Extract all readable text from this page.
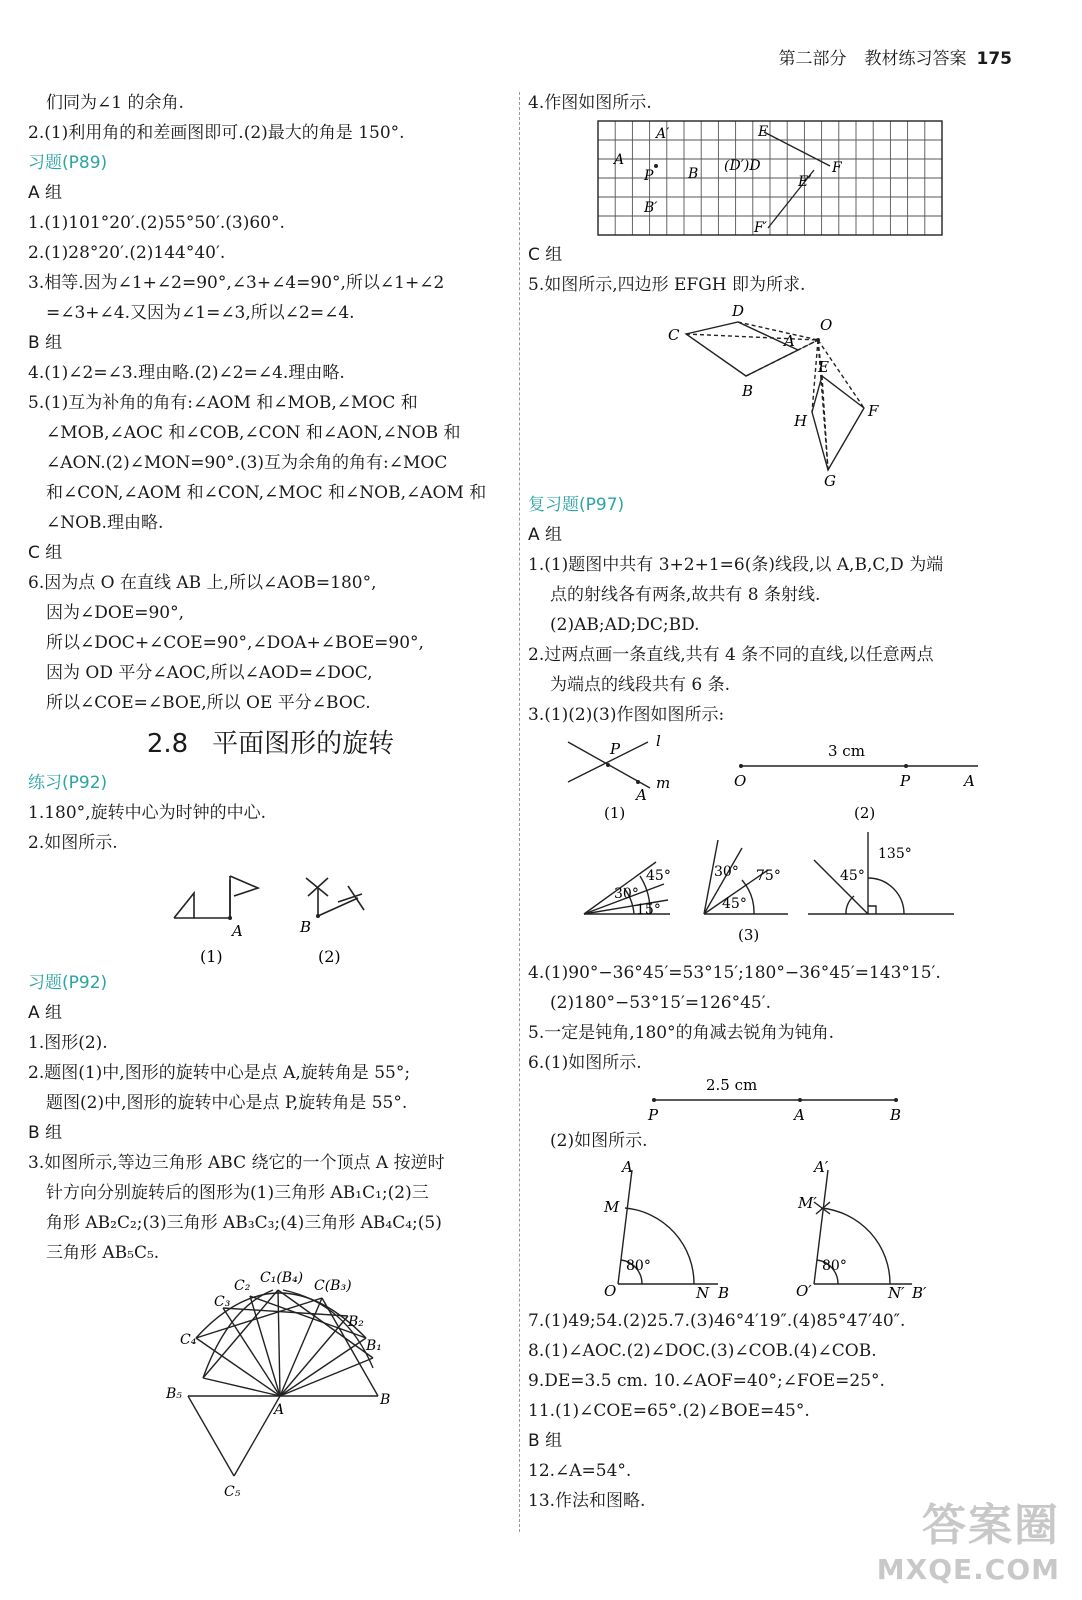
第二部分 教材练习答案 175
们同为∠1 的余角.
2.(1)利用角的和差画图即可.(2)最大的角是 150°.
习题(P89)
A 组
1.(1)101°20′.(2)55°50′.(3)60°.
2.(1)28°20′.(2)144°40′.
3.相等.因为∠1+∠2=90°,∠3+∠4=90°,所以∠1+∠2
=∠3+∠4.又因为∠1=∠3,所以∠2=∠4.
B 组
4.(1)∠2=∠3.理由略.(2)∠2=∠4.理由略.
5.(1)互为补角的角有:∠AOM 和∠MOB,∠MOC 和
∠MOB,∠AOC 和∠COB,∠CON 和∠AON,∠NOB 和
∠AON.(2)∠MON=90°.(3)互为余角的角有:∠MOC
和∠CON,∠AOM 和∠CON,∠MOC 和∠NOB,∠AOM 和
∠NOB.理由略.
C 组
6.因为点 O 在直线 AB 上,所以∠AOB=180°,
因为∠DOE=90°,
所以∠DOC+∠COE=90°,∠DOA+∠BOE=90°,
因为 OD 平分∠AOC,所以∠AOD=∠DOC,
所以∠COE=∠BOE,所以 OE 平分∠BOC.
2.8 平面图形的旋转
练习(P92)
1.180°,旋转中心为时钟的中心.
2.如图所示.
A	B
(1)	(2)
习题(P92)
A 组
1.图形(2).
2.题图(1)中,图形的旋转中心是点 A,旋转角是 55°;
题图(2)中,图形的旋转中心是点 P,旋转角是 55°.
B 组
3.如图所示,等边三角形 ABC 绕它的一个顶点 A 按逆时
针方向分别旋转后的图形为(1)三角形 AB₁C₁;(2)三
角形 AB₂C₂;(3)三角形 AB₃C₃;(4)三角形 AB₄C₄;(5)
三角形 AB₅C₅.
C₂ C₁(B₄) C(B₃)
C₃
B₂
B₁
C₄
B₅
A
B
C₅
4.作图如图所示.
A′	E
A
P B (D′)D	F
E′
B′
F′
C 组
5.如图所示,四边形 EFGH 即为所求.
D
O
C	A
B
E
F
H
G
复习题(P97)
A 组
1.(1)题图中共有 3+2+1=6(条)线段,以 A,B,C,D 为端
点的射线各有两条,故共有 8 条射线.
(2)AB;AD;DC;BD.
2.过两点画一条直线,共有 4 条不同的直线,以任意两点
为端点的线段共有 6 条.
3.(1)(2)(3)作图如图所示:
P l
A
m
3 cm
O	P	A
(1)	(2)
45°
30°
15°
30° 75°
45°
135°
45°
(3)
4.(1)90°−36°45′=53°15′;180°−36°45′=143°15′.
(2)180°−53°15′=126°45′.
5.一定是钝角,180°的角减去锐角为钝角.
6.(1)如图所示.
2.5 cm
P	A	B
(2)如图所示.
A
M
80°
O	N B
A′
M′
80°
O′	N′ B′
7.(1)49;54.(2)25.7.(3)46°4′19″.(4)85°47′40″.
8.(1)∠AOC.(2)∠DOC.(3)∠COB.(4)∠COB.
9.DE=3.5 cm. 10.∠AOF=40°;∠FOE=25°.
11.(1)∠COE=65°.(2)∠BOE=45°.
B 组
12.∠A=54°.
13.作法和图略.	答案圈
MXQE.COM
